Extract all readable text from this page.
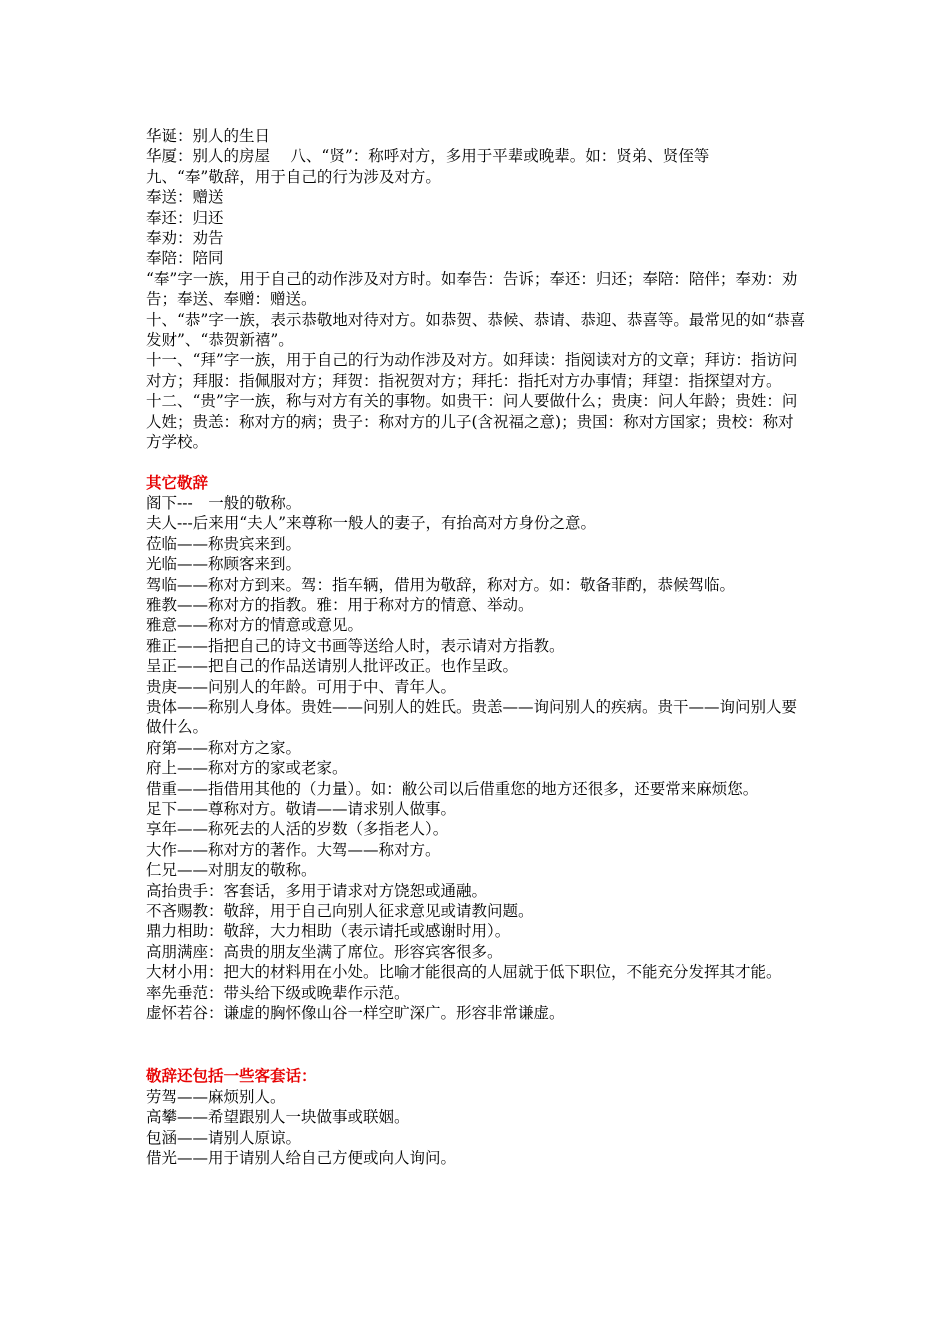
华诞：别人的生日
华厦：别人的房屋　 八、“贤”：称呼对方，多用于平辈或晚辈。如：贤弟、贤侄等
九、“奉”敬辞，用于自己的行为涉及对方。
奉送：赠送
奉还：归还
奉劝：劝告
奉陪：陪同
“奉”字一族，用于自己的动作涉及对方时。如奉告：告诉；奉还：归还；奉陪：陪伴；奉劝：劝告；奉送、奉赠：赠送。
十、“恭”字一族，表示恭敬地对待对方。如恭贺、恭候、恭请、恭迎、恭喜等。最常见的如“恭喜发财”、“恭贺新禧”。
十一、“拜”字一族，用于自己的行为动作涉及对方。如拜读：指阅读对方的文章；拜访：指访问对方；拜服：指佩服对方；拜贺：指祝贺对方；拜托：指托对方办事情；拜望：指探望对方。
十二、“贵”字一族，称与对方有关的事物。如贵干：问人要做什么；贵庚：问人年龄；贵姓：问人姓；贵恙：称对方的病；贵子：称对方的儿子(含祝福之意)；贵国：称对方国家；贵校：称对方学校。
其它敬辞
阁下---　一般的敬称。
夫人---后来用“夫人”来尊称一般人的妻子，有抬高对方身份之意。
莅临——称贵宾来到。
光临——称顾客来到。
驾临——称对方到来。驾：指车辆，借用为敬辞，称对方。如：敬备菲酌，恭候驾临。
雅教——称对方的指教。雅：用于称对方的情意、举动。
雅意——称对方的情意或意见。
雅正——指把自己的诗文书画等送给人时，表示请对方指教。
呈正——把自己的作品送请别人批评改正。也作呈政。
贵庚——问别人的年龄。可用于中、青年人。
贵体——称别人身体。贵姓——问别人的姓氏。贵恙——询问别人的疾病。贵干——询问别人要做什么。
府第——称对方之家。
府上——称对方的家或老家。
借重——指借用其他的（力量）。如：敝公司以后借重您的地方还很多，还要常来麻烦您。
足下——尊称对方。敬请——请求别人做事。
享年——称死去的人活的岁数（多指老人）。
大作——称对方的著作。大驾——称对方。
仁兄——对朋友的敬称。
高抬贵手：客套话，多用于请求对方饶恕或通融。
不吝赐教：敬辞，用于自己向别人征求意见或请教问题。
鼎力相助：敬辞，大力相助（表示请托或感谢时用）。
高朋满座：高贵的朋友坐满了席位。形容宾客很多。
大材小用：把大的材料用在小处。比喻才能很高的人屈就于低下职位，不能充分发挥其才能。　 率先垂范：带头给下级或晚辈作示范。
虚怀若谷：谦虚的胸怀像山谷一样空旷深广。形容非常谦虚。
敬辞还包括一些客套话：
劳驾——麻烦别人。
高攀——希望跟别人一块做事或联姻。
包涵——请别人原谅。
借光——用于请别人给自己方便或向人询问。
